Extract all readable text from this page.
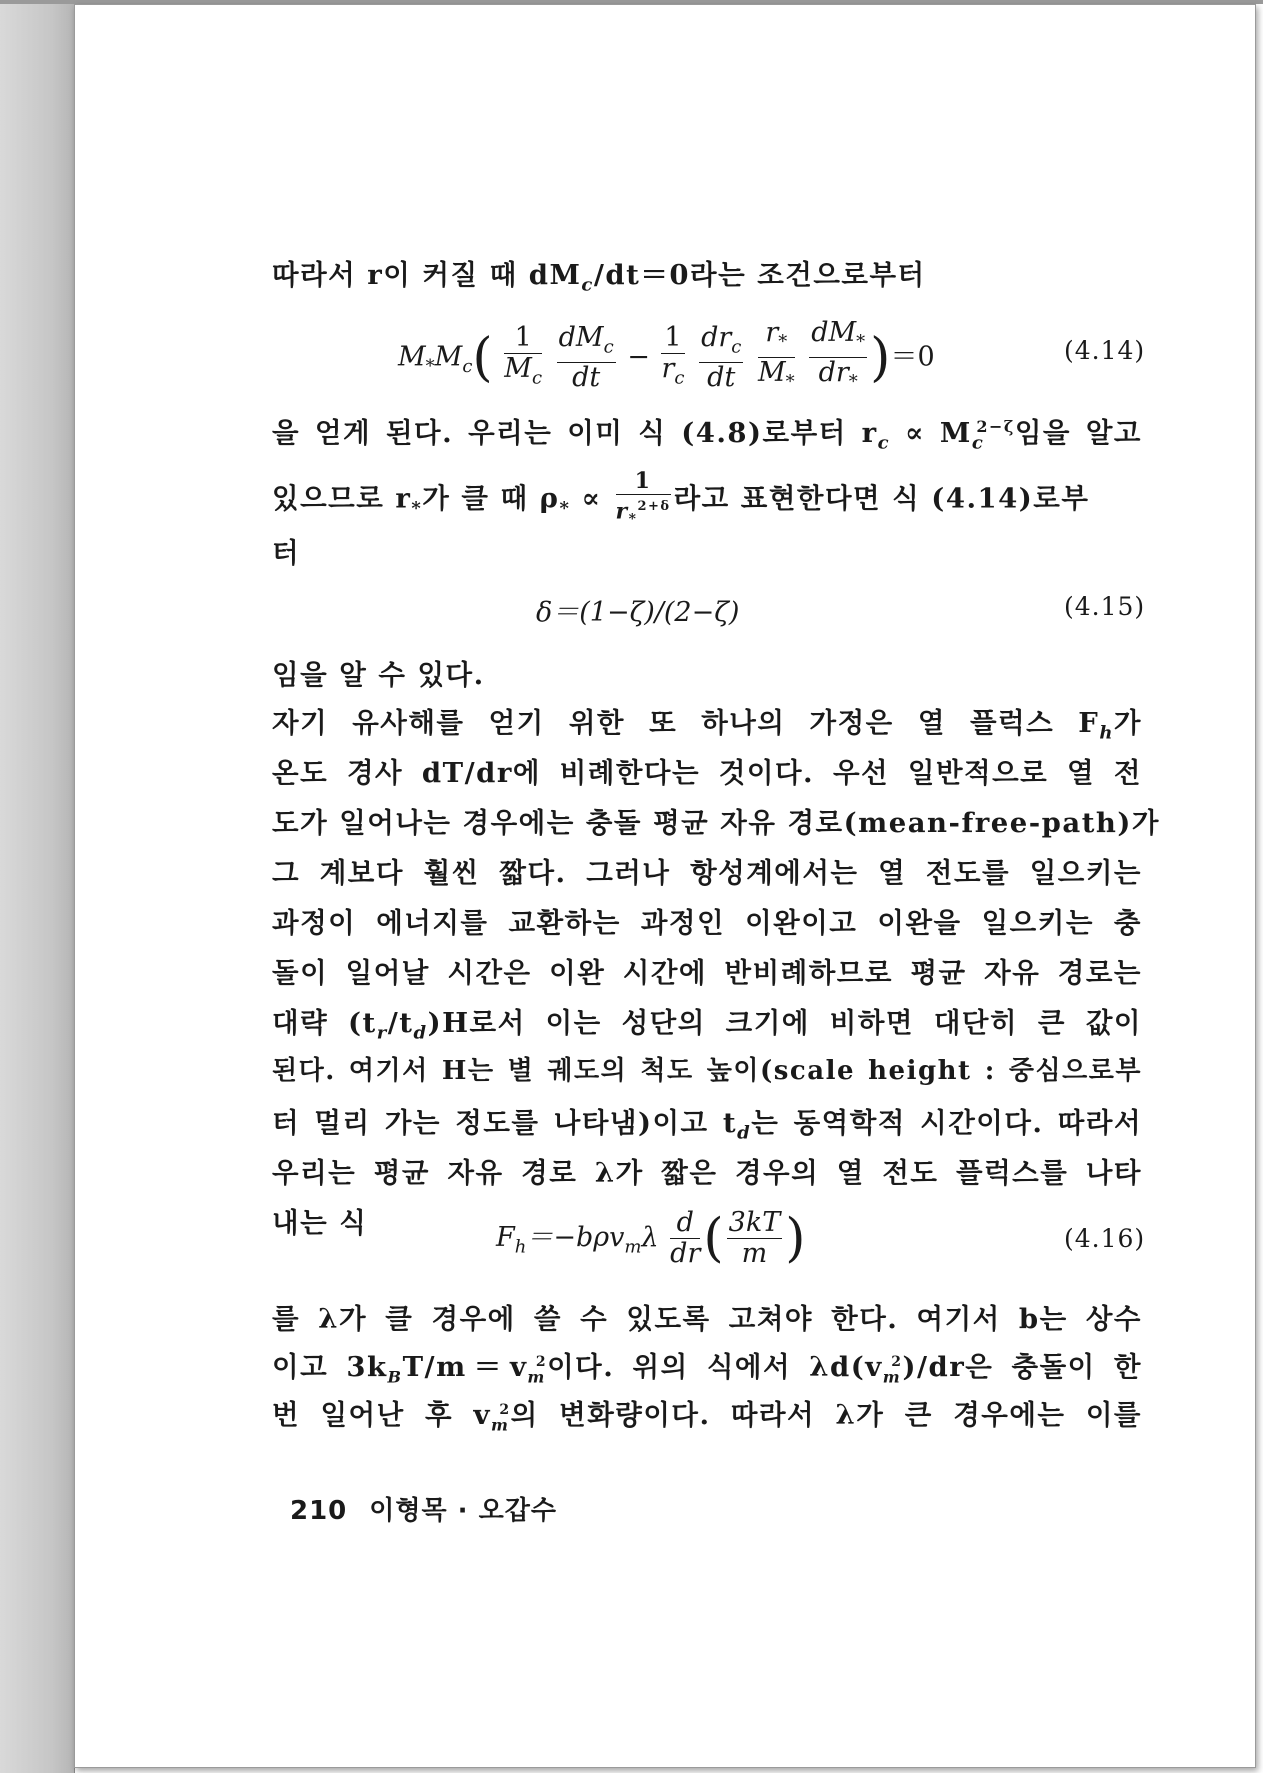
따라서 r이 커질 때 $dM_c/dt=0$라는 조건으로부터
$M_*M_c( \frac{1}{M_c}$
$\frac{dM_c}{dt} - \frac{1}{r_c}$
$\frac{dr_c}{dt}$
$\frac{r_*}{M_*}$
$\frac{dM_*}{dr_*} )=0$	(4.14)
을 얻게 된다. 우리는 이미 식 (4.8)로부터 $r_c \propto M_c^{2-\zeta}$임을 알고
있으므로 $r_*$가 클 때 $\rho_* \propto \frac{1}{r_*^{2+\delta}}$ 라고 표현한다면 식 (4.14)로부
터
δ＝(1−ζ)/(2−ζ)	(4.15)
임을 알 수 있다.
자기 유사해를 얻기 위한 또 하나의 가정은 열 플럭스 $F_h$가
온도 경사 dT/dr에 비례한다는 것이다. 우선 일반적으로 열 전
도가 일어나는 경우에는 충돌 평균 자유 경로(mean-free-path)가
그 계보다 훨씬 짧다. 그러나 항성계에서는 열 전도를 일으키는
과정이 에너지를 교환하는 과정인 이완이고 이완을 일으키는 충
돌이 일어날 시간은 이완 시간에 반비례하므로 평균 자유 경로는
대략 $(t_r/t_d)H$로서 이는 성단의 크기에 비하면 대단히 큰 값이
된다. 여기서 H는 별 궤도의 척도 높이(scale height : 중심으로부
터 멀리 가는 정도를 나타냄)이고 $t_d$는 동역학적 시간이다. 따라서
우리는 평균 자유 경로 λ가 짧은 경우의 열 전도 플럭스를 나타
내는 식	$F_h=-b\rho v_m\lambda \frac{d}{dr}$ ( $\frac{3kT}{m}$ )	(4.16)
를 λ가 클 경우에 쓸 수 있도록 고쳐야 한다. 여기서 b는 상수
이고 $3k_BT/m=v_m^2$이다. 위의 식에서 $\lambda d(v_m^2)/dr$은 충돌이 한
번 일어난 후 $v_m^2$의 변화량이다. 따라서 λ가 큰 경우에는 이를
210 이형목 · 오갑수
